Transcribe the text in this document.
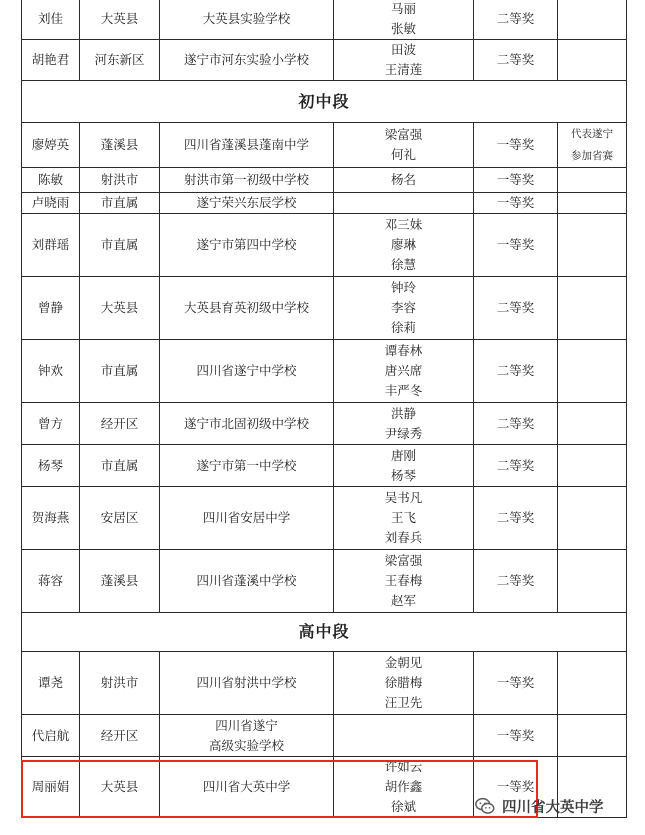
刘佳	大英县	大英县实验学校	马丽
张敏	二等奖	

胡艳君	河东新区	遂宁市河东实验小学校	田波
王清莲	二等奖	

初中段					
廖婷英	蓬溪县	四川省蓬溪县蓬南中学	梁富强
何礼	一等奖	代表遂宁
参加省赛

陈敏	射洪市	射洪市第一初级中学校	杨名	一等奖	

卢晓雨	市直属	遂宁荣兴东辰学校		一等奖	

刘群瑶	市直属	遂宁市第四中学校	邓三妹
廖琳
徐慧	一等奖	

曾静	大英县	大英县育英初级中学校	钟玲
李容
徐莉	二等奖	

钟欢	市直属	四川省遂宁中学校	谭春林
唐兴席
丰严冬	二等奖	

曾方	经开区	遂宁市北固初级中学校	洪静
尹绿秀	二等奖	

杨琴	市直属	遂宁市第一中学校	唐刚
杨琴	二等奖	

贺海燕	安居区	四川省安居中学	吴书凡
王飞
刘春兵	二等奖	

蒋容	蓬溪县	四川省蓬溪中学校	梁富强
王春梅
赵军	二等奖	

高中段					
谭尧	射洪市	四川省射洪中学校	金朝见
徐腊梅
汪卫先	一等奖	

代启航	经开区	四川省遂宁
高级实验学校		一等奖	

周丽娟	大英县	四川省大英中学	许如云
胡作鑫
徐斌	一等奖	
四川省大英中学
